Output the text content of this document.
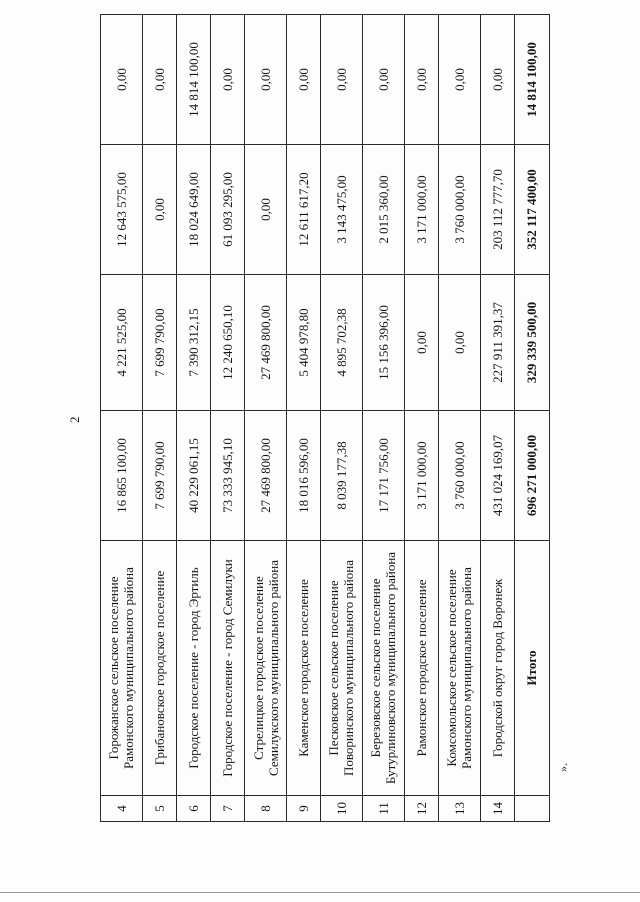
2
4	Горожанское сельское поселение Рамонского муниципального района	16 865 100,00	4 221 525,00	12 643 575,00	0,00
5	Грибановское городское поселение	7 699 790,00	7 699 790,00	0,00	0,00
6	Городское поселение - город Эртиль	40 229 061,15	7 390 312,15	18 024 649,00	14 814 100,00
7	Городское поселение - город Семилуки	73 333 945,10	12 240 650,10	61 093 295,00	0,00
8	Стрелицкое городское поселение Семилукского муниципального района	27 469 800,00	27 469 800,00	0,00	0,00
9	Каменское городское поселение	18 016 596,00	5 404 978,80	12 611 617,20	0,00
10	Песковское сельское поселение Поворинского муниципального района	8 039 177,38	4 895 702,38	3 143 475,00	0,00
11	Березовское сельское поселение Бутурлиновского муниципального района	17 171 756,00	15 156 396,00	2 015 360,00	0,00
12	Рамонское городское поселение	3 171 000,00	0,00	3 171 000,00	0,00
13	Комсомольское сельское поселение Рамонского муниципального района	3 760 000,00	0,00	3 760 000,00	0,00
14	Городской округ город Воронеж	431 024 169,07	227 911 391,37	203 112 777,70	0,00
	Итого	696 271 000,00	329 339 500,00	352 117 400,00	14 814 100,00
».
